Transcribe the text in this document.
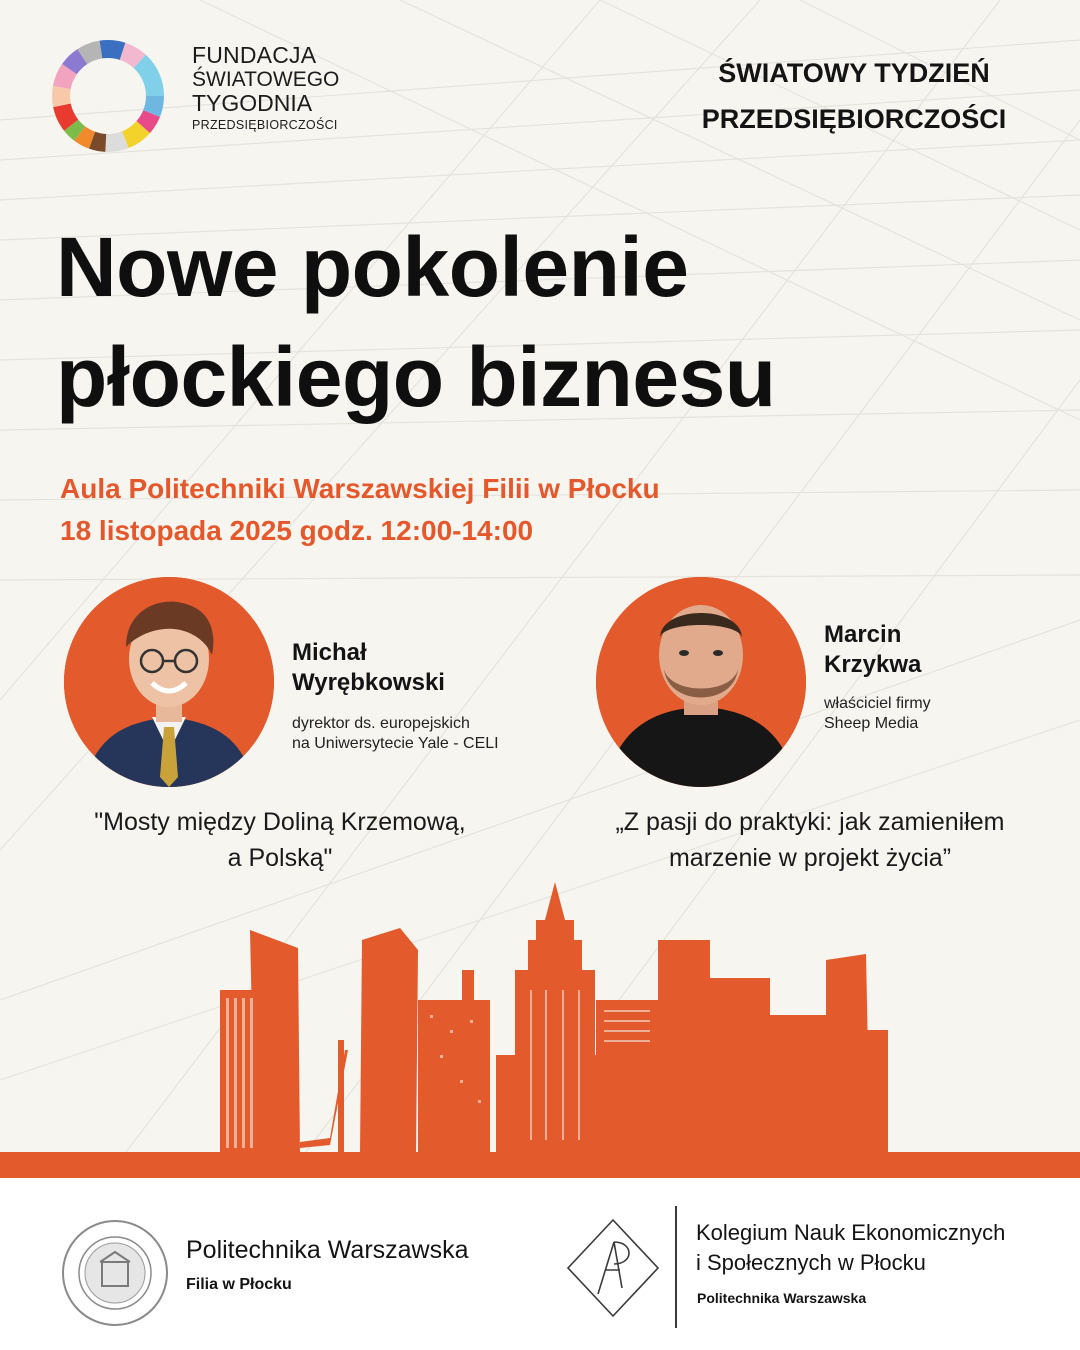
FUNDACJA
ŚWIATOWEGO
TYGODNIA
PRZEDSIĘBIORCZOŚCI
ŚWIATOWY TYDZIEŃ
PRZEDSIĘBIORCZOŚCI
Nowe pokolenie
płockiego biznesu
Aula Politechniki Warszawskiej Filii w Płocku
18 listopada 2025 godz. 12:00-14:00
Michał
Wyrębkowski
dyrektor ds. europejskich
na Uniwersytecie Yale - CELI
"Mosty między Doliną Krzemową,
a Polską"
Marcin
Krzykwa
właściciel firmy
Sheep Media
„Z pasji do praktyki: jak zamieniłem
marzenie w projekt życia”
Politechnika Warszawska
Filia w Płocku
Kolegium Nauk Ekonomicznych
i Społecznych w Płocku
Politechnika Warszawska
